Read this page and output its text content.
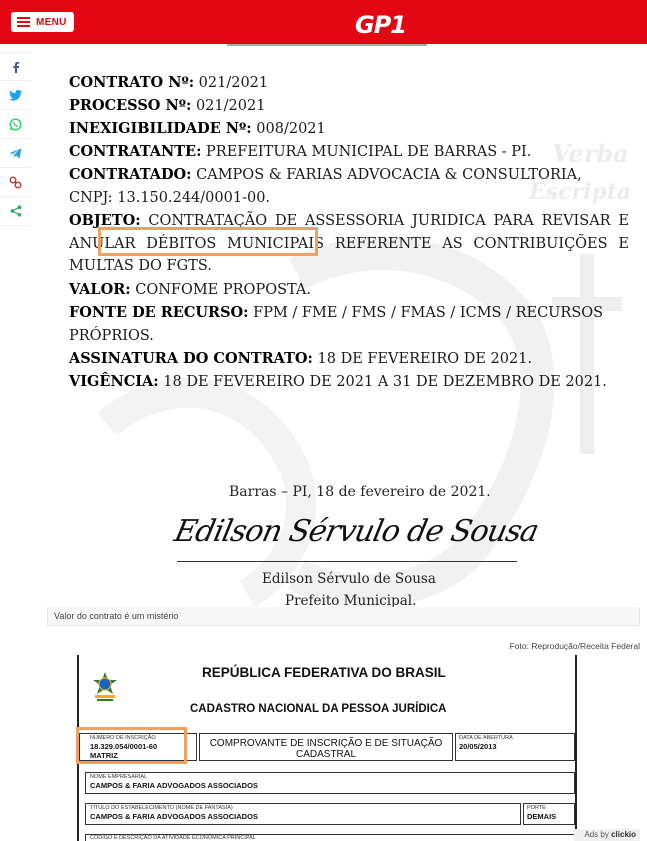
MENU	GP1
Verba
Escripta
CONTRATO Nº: 021/2021
PROCESSO Nº: 021/2021
INEXIGIBILIDADE Nº: 008/2021
CONTRATANTE: PREFEITURA MUNICIPAL DE BARRAS - PI.
CONTRATADO: CAMPOS & FARIAS ADVOCACIA & CONSULTORIA,
CNPJ: 13.150.244/0001-00.
OBJETO: CONTRATAÇÃO DE ASSESSORIA JURIDICA PARA REVISAR E ANULAR DÉBITOS MUNICIPAIS REFERENTE AS CONTRIBUIÇÕES E MULTAS DO FGTS.
VALOR: CONFOME PROPOSTA.
FONTE DE RECURSO: FPM / FME / FMS / FMAS / ICMS / RECURSOS PRÓPRIOS.
ASSINATURA DO CONTRATO: 18 DE FEVEREIRO DE 2021.
VIGÊNCIA: 18 DE FEVEREIRO DE 2021 A 31 DE DEZEMBRO DE 2021.
Barras – PI, 18 de fevereiro de 2021.
Edilson Sérvulo de Sousa
Edilson Sérvulo de Sousa
Prefeito Municipal.
Valor do contrato é um mistério
Foto: Reprodução/Receita Federal
REPÚBLICA FEDERATIVA DO BRASIL
CADASTRO NACIONAL DA PESSOA JURÍDICA
NÚMERO DE INSCRIÇÃO
18.329.054/0001-60
MATRIZ
COMPROVANTE DE INSCRIÇÃO E DE SITUAÇÃO CADASTRAL
DATA DE ABERTURA
20/05/2013
NOME EMPRESARIAL
CAMPOS & FARIA ADVOGADOS ASSOCIADOS
TÍTULO DO ESTABELECIMENTO (NOME DE FANTASIA)
CAMPOS & FARIA ADVOGADOS ASSOCIADOS
PORTE
DEMAIS
CÓDIGO E DESCRIÇÃO DA ATIVIDADE ECONÔMICA PRINCIPAL	Ads by clickio
